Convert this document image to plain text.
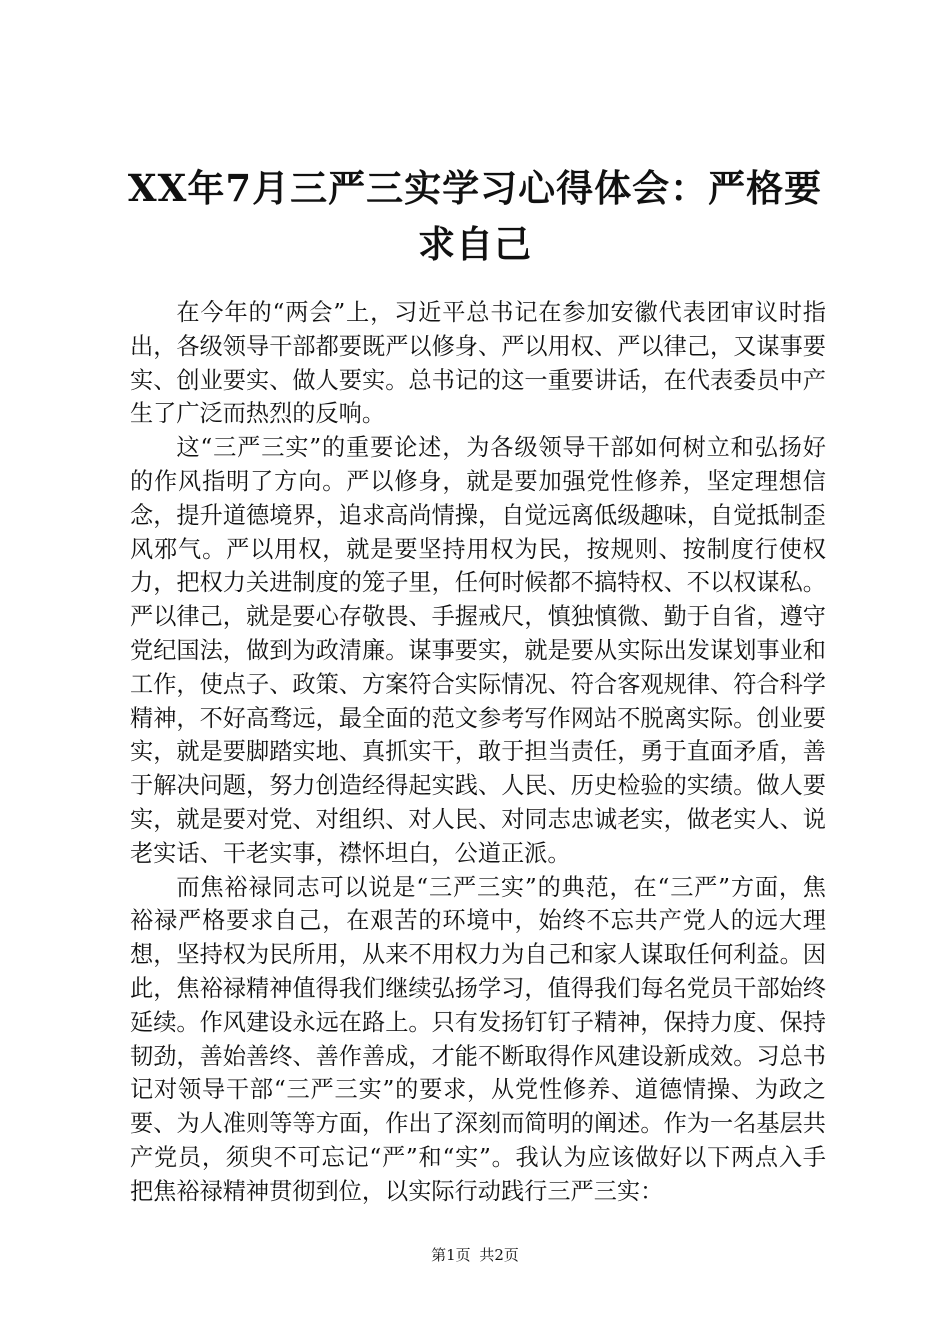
XX年7月三严三实学习心得体会：严格要求自己

在今年的“两会”上，习近平总书记在参加安徽代表团审议时指出，各级领导干部都要既严以修身、严以用权、严以律己，又谋事要实、创业要实、做人要实。总书记的这一重要讲话，在代表委员中产生了广泛而热烈的反响。

这“三严三实”的重要论述，为各级领导干部如何树立和弘扬好的作风指明了方向。严以修身，就是要加强党性修养，坚定理想信念，提升道德境界，追求高尚情操，自觉远离低级趣味，自觉抵制歪风邪气。严以用权，就是要坚持用权为民，按规则、按制度行使权力，把权力关进制度的笼子里，任何时候都不搞特权、不以权谋私。严以律己，就是要心存敬畏、手握戒尺，慎独慎微、勤于自省，遵守党纪国法，做到为政清廉。谋事要实，就是要从实际出发谋划事业和工作，使点子、政策、方案符合实际情况、符合客观规律、符合科学精神，不好高骛远，最全面的范文参考写作网站不脱离实际。创业要实，就是要脚踏实地、真抓实干，敢于担当责任，勇于直面矛盾，善于解决问题，努力创造经得起实践、人民、历史检验的实绩。做人要实，就是要对党、对组织、对人民、对同志忠诚老实，做老实人、说老实话、干老实事，襟怀坦白，公道正派。

而焦裕禄同志可以说是“三严三实”的典范，在“三严”方面，焦裕禄严格要求自己，在艰苦的环境中，始终不忘共产党人的远大理想，坚持权为民所用，从来不用权力为自己和家人谋取任何利益。因此，焦裕禄精神值得我们继续弘扬学习，值得我们每名党员干部始终延续。作风建设永远在路上。只有发扬钉钉子精神，保持力度、保持韧劲，善始善终、善作善成，才能不断取得作风建设新成效。习总书记对领导干部“三严三实”的要求，从党性修养、道德情操、为政之要、为人准则等等方面，作出了深刻而简明的阐述。作为一名基层共产党员，须臾不可忘记“严”和“实”。我认为应该做好以下两点入手把焦裕禄精神贯彻到位，以实际行动践行三严三实：

第1页 共2页
